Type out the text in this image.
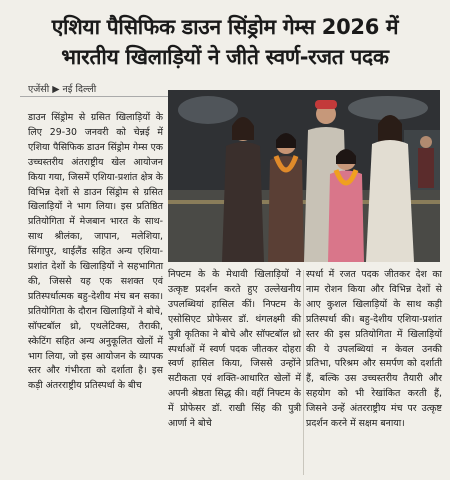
एशिया पैसिफिक डाउन सिंड्रोम गेम्स 2026 में
भारतीय खिलाड़ियों ने जीते स्वर्ण-रजत पदक
एजेंसी ▶ नई दिल्ली
डाउन सिंड्रोम से ग्रसित खिलाड़ियों के लिए 29-30 जनवरी को चेन्नई में एशिया पैसिफिक डाउन सिंड्रोम गेम्स एक उच्चस्तरीय अंतराष्ट्रीय खेल आयोजन किया गया, जिसमें एशिया-प्रशांत क्षेत्र के विभिन्न देशों से डाउन सिंड्रोम से ग्रसित खिलाड़ियों ने भाग लिया। इस प्रतिष्ठित प्रतियोगिता में मेजबान भारत के साथ-साथ श्रीलंका, जापान, मलेशिया, सिंगापुर, थाईलैंड सहित अन्य एशिया-प्रशांत देशों के खिलाड़ियों ने सहभागिता की, जिससे यह एक सशक्त एवं प्रतिस्पर्धात्मक बहु-देशीय मंच बन सका। प्रतियोगिता के दौरान खिलाड़ियों ने बोचे, सॉफ्टबॉल थ्रो, एथलेटिक्स, तैराकी, स्केटिंग सहित अन्य अनुकूलित खेलों में भाग लिया, जो इस आयोजन के व्यापक स्तर और गंभीरता को दर्शाता है। इस कड़ी अंतरराष्ट्रीय प्रतिस्पर्धा के बीच
निफ्टम के के मेधावी खिलाड़ियों ने उत्कृष्ट प्रदर्शन करते हुए उल्लेखनीय उपलब्धियां हासिल कीं। निफ्टम के एसोसिएट प्रोफेसर डॉ. थंगलक्ष्मी की पुत्री कृतिका ने बोचे और सॉफ्टबॉल थ्रो स्पर्धाओं में स्वर्ण पदक जीतकर दोहरा स्वर्ण हासिल किया, जिससे उन्होंने सटीकता एवं शक्ति-आधारित खेलों में अपनी श्रेष्ठता सिद्ध की। वहीं निफ्टम के में प्रोफेसर डॉ. राखी सिंह की पुत्री आर्णा ने बोचे
स्पर्धा में रजत पदक जीतकर देश का नाम रोशन किया और विभिन्न देशों से आए कुशल खिलाड़ियों के साथ कड़ी प्रतिस्पर्धा की। बहु-देशीय एशिया-प्रशांत स्तर की इस प्रतियोगिता में खिलाड़ियों की ये उपलब्धियां न केवल उनकी प्रतिभा, परिश्रम और समर्पण को दर्शाती हैं, बल्कि उस उच्चस्तरीय तैयारी और सहयोग को भी रेखांकित करती हैं, जिसने उन्हें अंतरराष्ट्रीय मंच पर उत्कृष्ट प्रदर्शन करने में सक्षम बनाया।
